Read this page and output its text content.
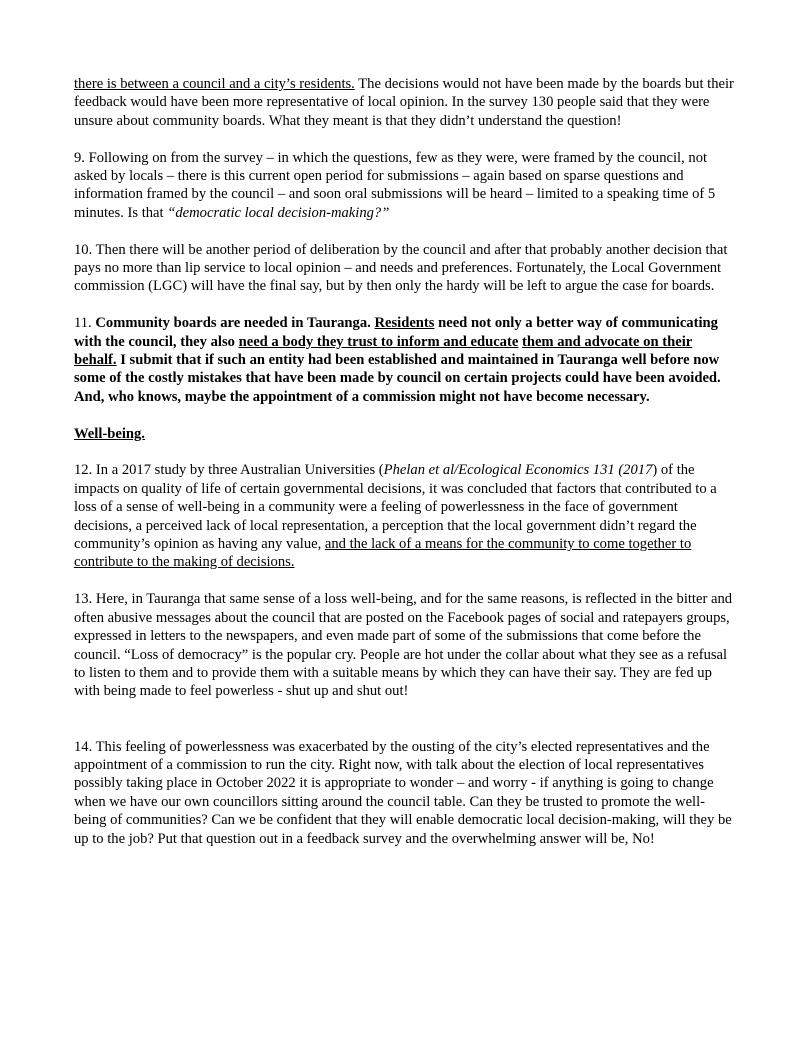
there is between a council and a city’s residents. The decisions would not have been made by the boards but their feedback would have been more representative of local opinion. In the survey 130 people said that they were unsure about community boards. What they meant is that they didn’t understand the question!

9. Following on from the survey – in which the questions, few as they were, were framed by the council, not asked by locals – there is this current open period for submissions – again based on sparse questions and information framed by the council – and soon oral submissions will be heard – limited to a speaking time of 5 minutes. Is that “democratic local decision-making?”

10. Then there will be another period of deliberation by the council and after that probably another decision that pays no more than lip service to local opinion – and needs and preferences. Fortunately, the Local Government commission (LGC) will have the final say, but by then only the hardy will be left to argue the case for boards.

11. Community boards are needed in Tauranga. Residents need not only a better way of communicating with the council, they also need a body they trust to inform and educate them and advocate on their behalf. I submit that if such an entity had been established and maintained in Tauranga well before now some of the costly mistakes that have been made by council on certain projects could have been avoided. And, who knows, maybe the appointment of a commission might not have become necessary.

Well-being.

12. In a 2017 study by three Australian Universities (Phelan et al/Ecological Economics 131 (2017) of the impacts on quality of life of certain governmental decisions, it was concluded that factors that contributed to a loss of a sense of well-being in a community were a feeling of powerlessness in the face of government decisions, a perceived lack of local representation, a perception that the local government didn’t regard the community’s opinion as having any value, and the lack of a means for the community to come together to contribute to the making of decisions.

13. Here, in Tauranga that same sense of a loss well-being, and for the same reasons, is reflected in the bitter and often abusive messages about the council that are posted on the Facebook pages of social and ratepayers groups, expressed in letters to the newspapers, and even made part of some of the submissions that come before the council. “Loss of democracy” is the popular cry. People are hot under the collar about what they see as a refusal to listen to them and to provide them with a suitable means by which they can have their say. They are fed up with being made to feel powerless - shut up and shut out!

14. This feeling of powerlessness was exacerbated by the ousting of the city’s elected representatives and the appointment of a commission to run the city. Right now, with talk about the election of local representatives possibly taking place in October 2022 it is appropriate to wonder – and worry - if anything is going to change when we have our own councillors sitting around the council table. Can they be trusted to promote the well-being of communities? Can we be confident that they will enable democratic local decision-making, will they be up to the job? Put that question out in a feedback survey and the overwhelming answer will be, No!
